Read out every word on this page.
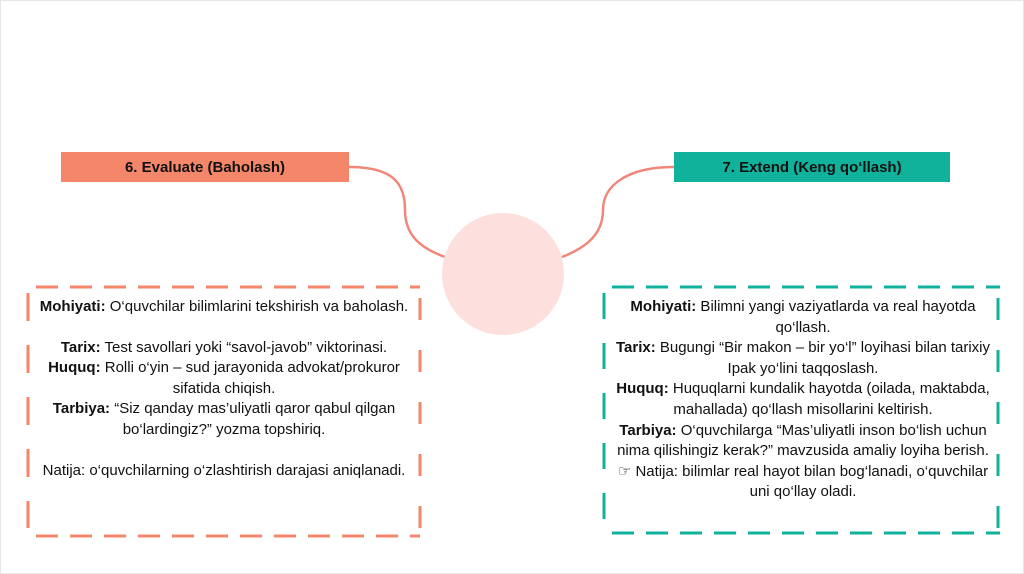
6. Evaluate (Baholash)	7. Extend (Keng qo‘llash)

Mohiyati: O‘quvchilar bilimlarini tekshirish va baholash.

Tarix: Test savollari yoki “savol-javob” viktorinasi.

Huquq: Rolli o‘yin – sud jarayonida advokat/prokuror sifatida chiqish.

Tarbiya: “Siz qanday mas’uliyatli qaror qabul qilgan bo‘lardingiz?” yozma topshiriq.

Natija: o‘quvchilarning o‘zlashtirish darajasi aniqlanadi.

Mohiyati: Bilimni yangi vaziyatlarda va real hayotda qo‘llash.

Tarix: Bugungi “Bir makon – bir yo‘l” loyihasi bilan tarixiy Ipak yo‘lini taqqoslash.

Huquq: Huquqlarni kundalik hayotda (oilada, maktabda, mahallada) qo‘llash misollarini keltirish.

Tarbiya: O‘quvchilarga “Mas’uliyatli inson bo‘lish uchun nima qilishingiz kerak?” mavzusida amaliy loyiha berish.

☞ Natija: bilimlar real hayot bilan bog‘lanadi, o‘quvchilar uni qo‘llay oladi.
